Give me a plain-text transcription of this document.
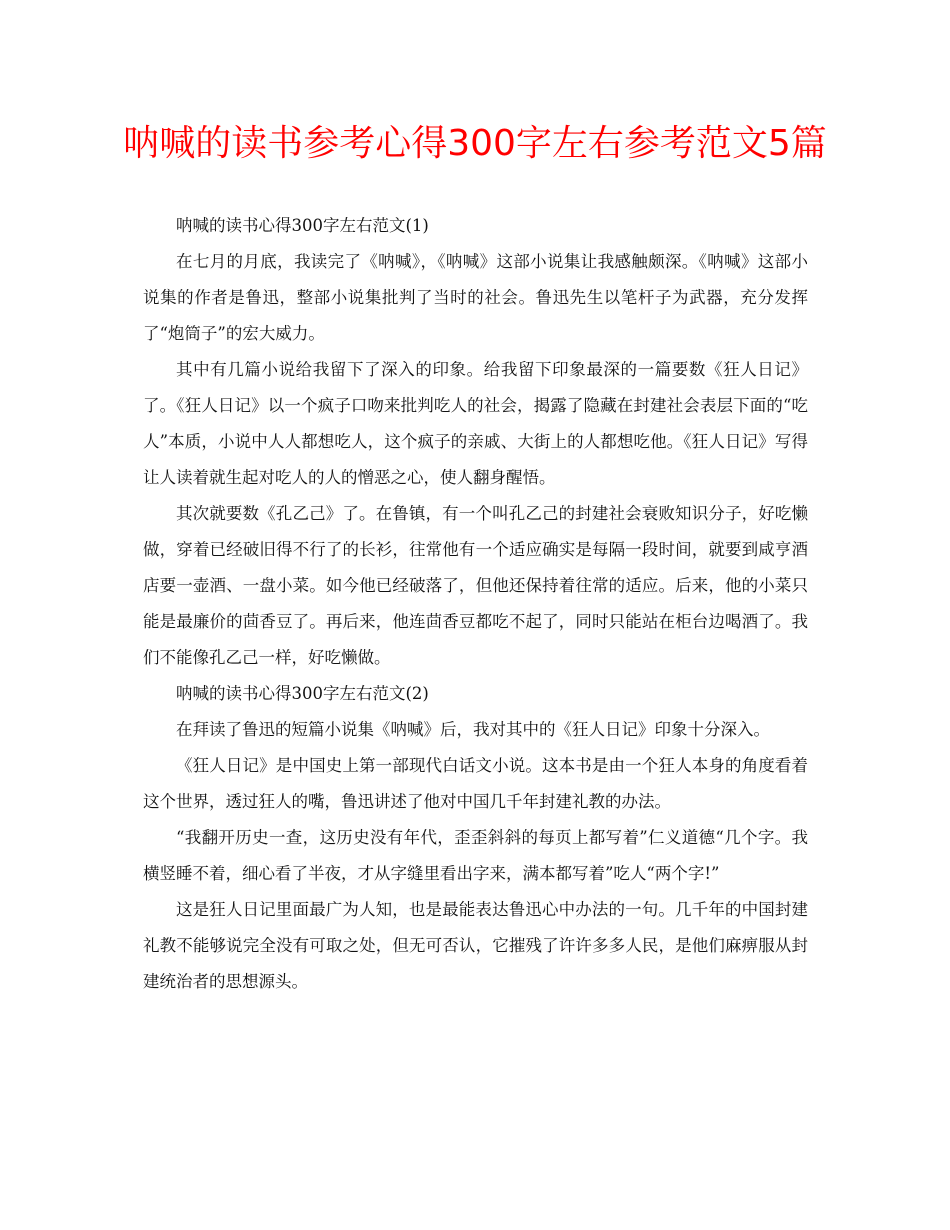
呐喊的读书参考心得300字左右参考范文5篇

呐喊的读书心得300字左右范文(1)

在七月的月底，我读完了《呐喊》，《呐喊》这部小说集让我感触颇深。《呐喊》这部小说集的作者是鲁迅，整部小说集批判了当时的社会。鲁迅先生以笔杆子为武器，充分发挥了“炮筒子”的宏大威力。

其中有几篇小说给我留下了深入的印象。给我留下印象最深的一篇要数《狂人日记》了。《狂人日记》以一个疯子口吻来批判吃人的社会，揭露了隐藏在封建社会表层下面的“吃人”本质，小说中人人都想吃人，这个疯子的亲戚、大街上的人都想吃他。《狂人日记》写得让人读着就生起对吃人的人的憎恶之心，使人翻身醒悟。

其次就要数《孔乙己》了。在鲁镇，有一个叫孔乙己的封建社会衰败知识分子，好吃懒做，穿着已经破旧得不行了的长衫，往常他有一个适应确实是每隔一段时间，就要到咸亨酒店要一壶酒、一盘小菜。如今他已经破落了，但他还保持着往常的适应。后来，他的小菜只能是最廉价的茴香豆了。再后来，他连茴香豆都吃不起了，同时只能站在柜台边喝酒了。我们不能像孔乙己一样，好吃懒做。

呐喊的读书心得300字左右范文(2)

在拜读了鲁迅的短篇小说集《呐喊》后，我对其中的《狂人日记》印象十分深入。

《狂人日记》是中国史上第一部现代白话文小说。这本书是由一个狂人本身的角度看着这个世界，透过狂人的嘴，鲁迅讲述了他对中国几千年封建礼教的办法。

“我翻开历史一查，这历史没有年代，歪歪斜斜的每页上都写着”仁义道德“几个字。我横竖睡不着，细心看了半夜，才从字缝里看出字来，满本都写着”吃人“两个字!”

这是狂人日记里面最广为人知，也是最能表达鲁迅心中办法的一句。几千年的中国封建礼教不能够说完全没有可取之处，但无可否认，它摧残了许许多多人民，是他们麻痹服从封建统治者的思想源头。
